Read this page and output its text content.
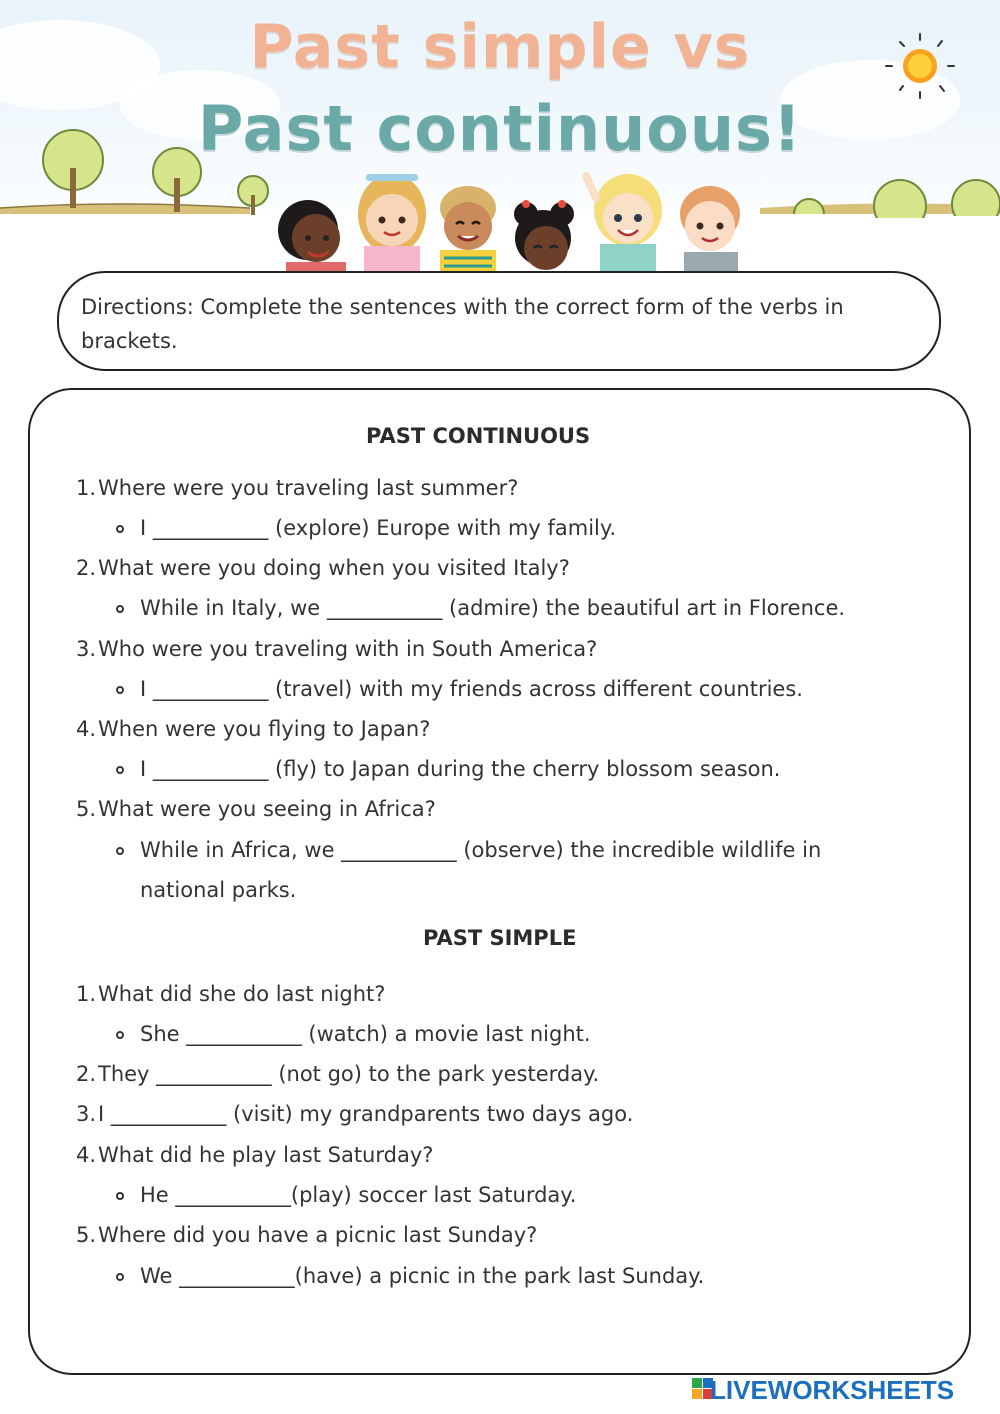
Past simple vs
Past continuous!
Directions: Complete the sentences with the correct form of the verbs in brackets.
PAST CONTINUOUS
1. Where were you traveling last summer?
I ___________ (explore) Europe with my family.
2. What were you doing when you visited Italy?
While in Italy, we ___________ (admire) the beautiful art in Florence.
3. Who were you traveling with in South America?
I ___________ (travel) with my friends across different countries.
4. When were you flying to Japan?
I ___________ (fly) to Japan during the cherry blossom season.
5. What were you seeing in Africa?
While in Africa, we ___________ (observe) the incredible wildlife in
national parks.
PAST SIMPLE
1. What did she do last night?
She ___________ (watch) a movie last night.
2. They ___________ (not go) to the park yesterday.
3. I ___________ (visit) my grandparents two days ago.
4. What did he play last Saturday?
He ___________(play) soccer last Saturday.
5. Where did you have a picnic last Sunday?
We ___________(have) a picnic in the park last Sunday.
LIVEWORKSHEETS
